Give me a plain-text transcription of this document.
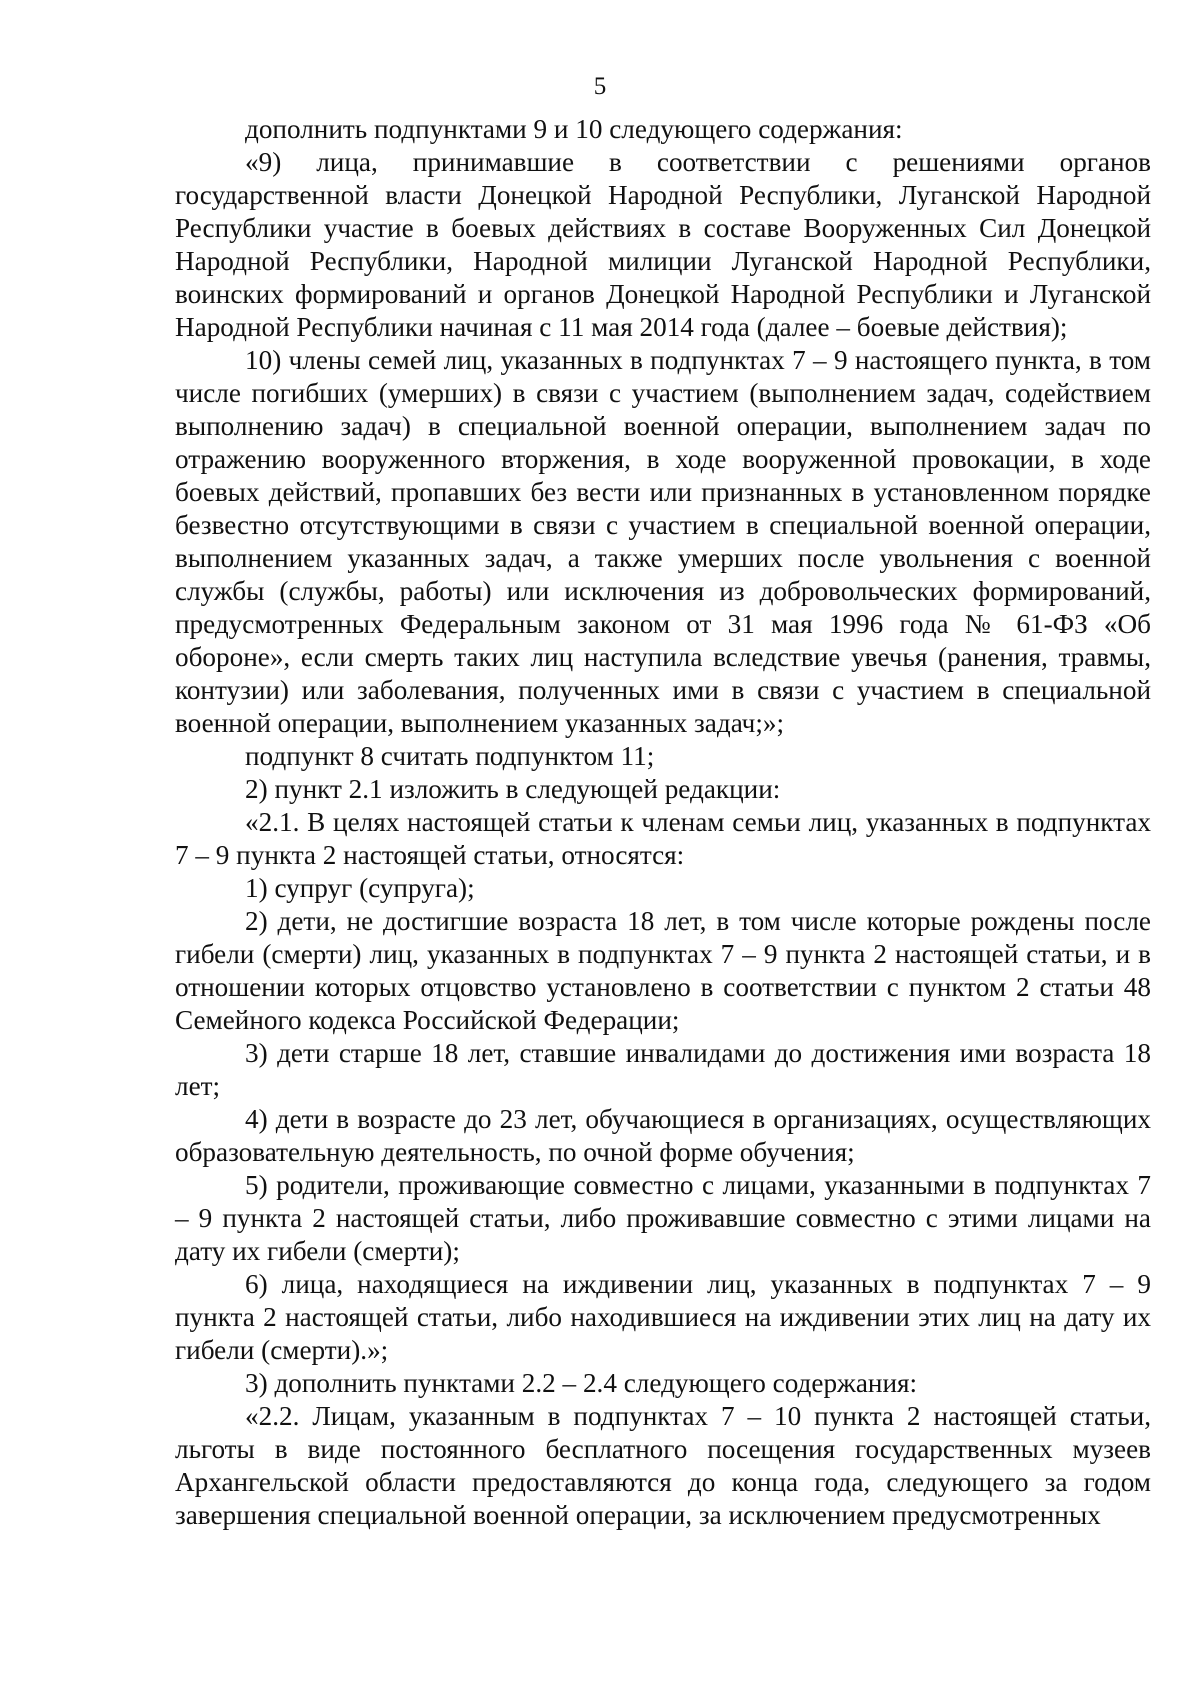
5

дополнить подпунктами 9 и 10 следующего содержания:

«9) лица, принимавшие в соответствии с решениями органов государственной власти Донецкой Народной Республики, Луганской Народной Республики участие в боевых действиях в составе Вооруженных Сил Донецкой Народной Республики, Народной милиции Луганской Народной Республики, воинских формирований и органов Донецкой Народной Республики и Луганской Народной Республики начиная с 11 мая 2014 года (далее – боевые действия);

10) члены семей лиц, указанных в подпунктах 7 – 9 настоящего пункта, в том числе погибших (умерших) в связи с участием (выполнением задач, содействием выполнению задач) в специальной военной операции, выполнением задач по отражению вооруженного вторжения, в ходе вооруженной провокации, в ходе боевых действий, пропавших без вести или признанных в установленном порядке безвестно отсутствующими в связи с участием в специальной военной операции, выполнением указанных задач, а также умерших после увольнения с военной службы (службы, работы) или исключения из добровольческих формирований, предусмотренных Федеральным законом от 31 мая 1996 года № 61-ФЗ «Об обороне», если смерть таких лиц наступила вследствие увечья (ранения, травмы, контузии) или заболевания, полученных ими в связи с участием в специальной военной операции, выполнением указанных задач;»;

подпункт 8 считать подпунктом 11;

2) пункт 2.1 изложить в следующей редакции:

«2.1. В целях настоящей статьи к членам семьи лиц, указанных в подпунктах 7 – 9 пункта 2 настоящей статьи, относятся:

1) супруг (супруга);

2) дети, не достигшие возраста 18 лет, в том числе которые рождены после гибели (смерти) лиц, указанных в подпунктах 7 – 9 пункта 2 настоящей статьи, и в отношении которых отцовство установлено в соответствии с пунктом 2 статьи 48 Семейного кодекса Российской Федерации;

3) дети старше 18 лет, ставшие инвалидами до достижения ими возраста 18 лет;

4) дети в возрасте до 23 лет, обучающиеся в организациях, осуществляющих образовательную деятельность, по очной форме обучения;

5) родители, проживающие совместно с лицами, указанными в подпунктах 7 – 9 пункта 2 настоящей статьи, либо проживавшие совместно с этими лицами на дату их гибели (смерти);

6) лица, находящиеся на иждивении лиц, указанных в подпунктах 7 – 9 пункта 2 настоящей статьи, либо находившиеся на иждивении этих лиц на дату их гибели (смерти).»;

3) дополнить пунктами 2.2 – 2.4 следующего содержания:

«2.2. Лицам, указанным в подпунктах 7 – 10 пункта 2 настоящей статьи, льготы в виде постоянного бесплатного посещения государственных музеев Архангельской области предоставляются до конца года, следующего за годом завершения специальной военной операции, за исключением предусмотренных
